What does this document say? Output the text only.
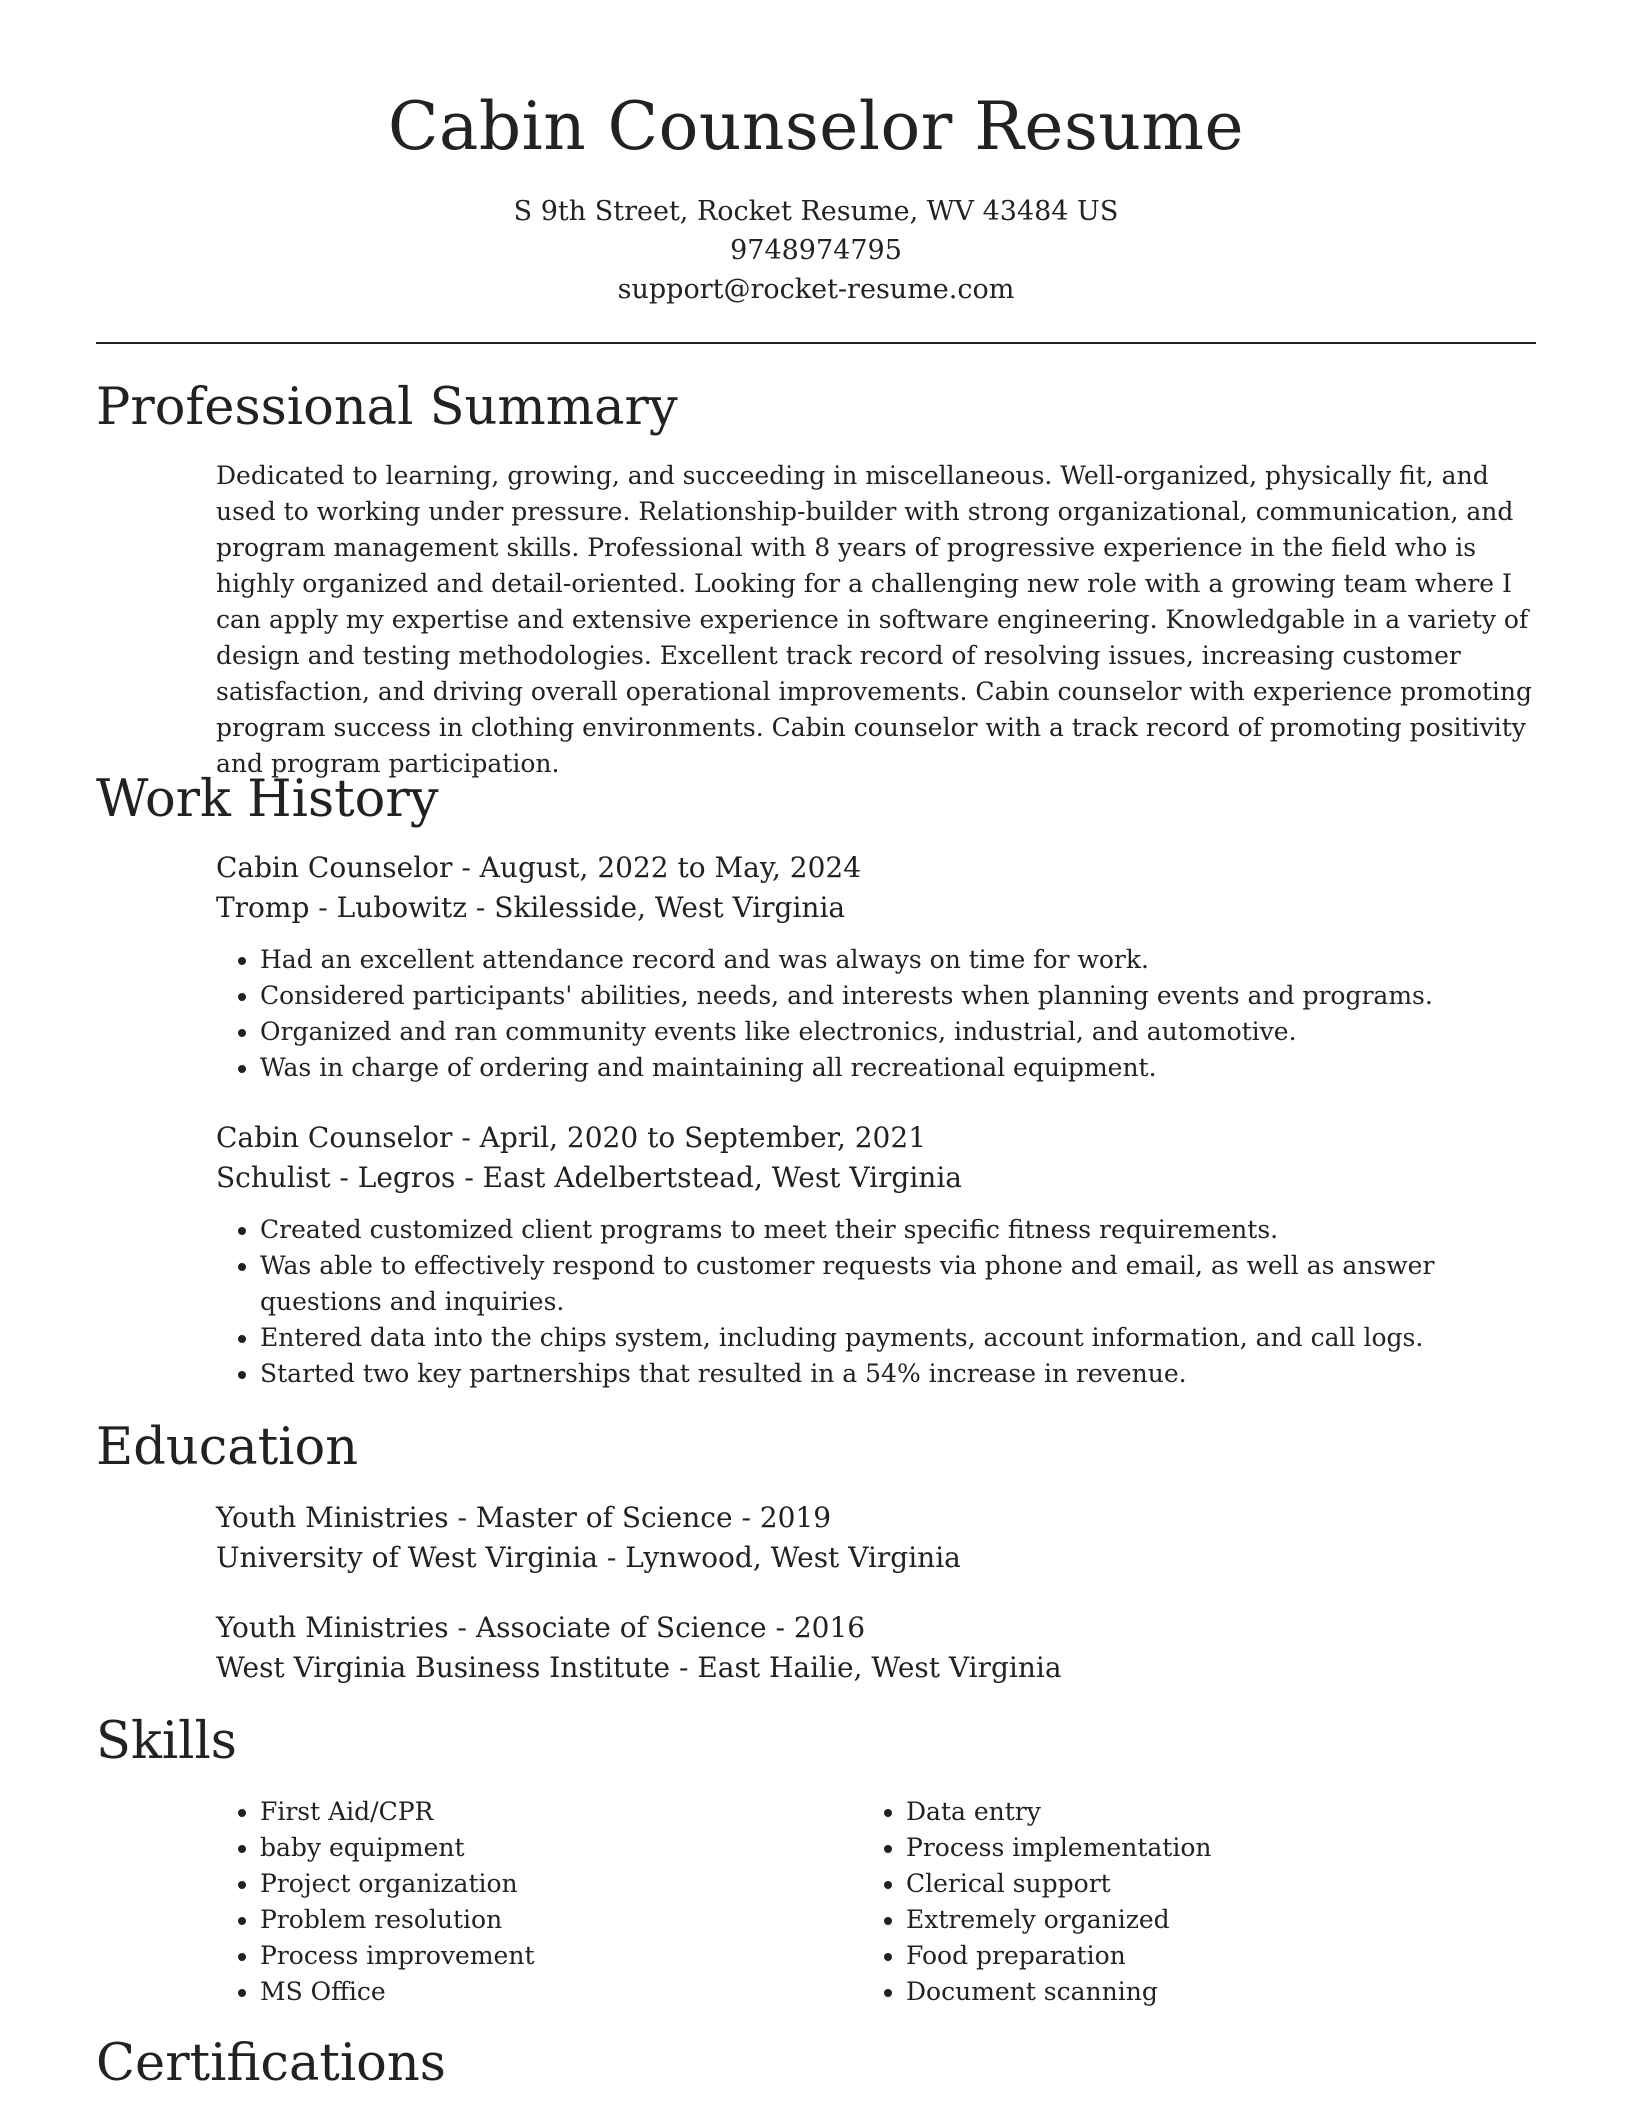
Cabin Counselor Resume
S 9th Street, Rocket Resume, WV 43484 US
9748974795
support@rocket-resume.com
Professional Summary
Dedicated to learning, growing, and succeeding in miscellaneous. Well-organized, physically fit, and used to working under pressure. Relationship-builder with strong organizational, communication, and program management skills. Professional with 8 years of progressive experience in the field who is highly organized and detail-oriented. Looking for a challenging new role with a growing team where I can apply my expertise and extensive experience in software engineering. Knowledgable in a variety of design and testing methodologies. Excellent track record of resolving issues, increasing customer satisfaction, and driving overall operational improvements. Cabin counselor with experience promoting program success in clothing environments. Cabin counselor with a track record of promoting positivity and program participation.
Work History
Cabin Counselor - August, 2022 to May, 2024
Tromp - Lubowitz - Skilesside, West Virginia
• Had an excellent attendance record and was always on time for work.
• Considered participants' abilities, needs, and interests when planning events and programs.
• Organized and ran community events like electronics, industrial, and automotive.
• Was in charge of ordering and maintaining all recreational equipment.
Cabin Counselor - April, 2020 to September, 2021
Schulist - Legros - East Adelbertstead, West Virginia
• Created customized client programs to meet their specific fitness requirements.
• Was able to effectively respond to customer requests via phone and email, as well as answer questions and inquiries.
• Entered data into the chips system, including payments, account information, and call logs.
• Started two key partnerships that resulted in a 54% increase in revenue.
Education
Youth Ministries - Master of Science - 2019
University of West Virginia - Lynwood, West Virginia
Youth Ministries - Associate of Science - 2016
West Virginia Business Institute - East Hailie, West Virginia
Skills
• First Aid/CPR
• baby equipment
• Project organization
• Problem resolution
• Process improvement
• MS Office
• Data entry
• Process implementation
• Clerical support
• Extremely organized
• Food preparation
• Document scanning
Certifications
